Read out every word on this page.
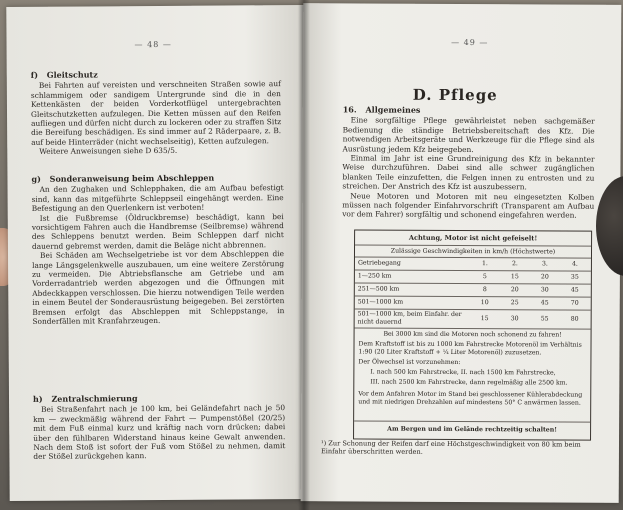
— 48 —
f) Gleitschutz

Bei Fahrten auf vereisten und verschneiten Straßen sowie auf schlammigem oder sandigem Untergrunde sind die in den Kettenkästen der beiden Vorderkotflügel untergebrachten Gleitschutzketten aufzulegen. Die Ketten müssen auf den Reifen aufliegen und dürfen nicht durch zu lockeren oder zu straffen Sitz die Bereifung beschädigen. Es sind immer auf 2 Räderpaare, z. B. auf beide Hinterräder (nicht wechselseitig), Ketten aufzulegen.

Weitere Anweisungen siehe D 635/5.

g) Sonderanweisung beim Abschleppen

An den Zughaken und Schlepphaken, die am Aufbau befestigt sind, kann das mitgeführte Schleppseil eingehängt werden. Eine Befestigung an den Querlenkern ist verboten!

Ist die Fußbremse (Öldruckbremse) beschädigt, kann bei vorsichtigem Fahren auch die Handbremse (Seilbremse) während des Schleppens benutzt werden. Beim Schleppen darf nicht dauernd gebremst werden, damit die Beläge nicht abbrennen.

Bei Schäden am Wechselgetriebe ist vor dem Abschleppen die lange Längsgelenkwelle auszubauen, um eine weitere Zerstörung zu vermeiden. Die Abtriebsflansche am Getriebe und am Vorderradantrieb werden abgezogen und die Öffnungen mit Abdeckkappen verschlossen. Die hierzu notwendigen Teile werden in einem Beutel der Sonderausrüstung beigegeben. Bei zerstörten Bremsen erfolgt das Abschleppen mit Schleppstange, in Sonderfällen mit Kranfahrzeugen.

h) Zentralschmierung

Bei Straßenfahrt nach je 100 km, bei Geländefahrt nach je 50 km — zweckmäßig während der Fahrt — Pumpenstößel (20/25) mit dem Fuß einmal kurz und kräftig nach vorn drücken; dabei über den fühlbaren Widerstand hinaus keine Gewalt anwenden. Nach dem Stoß ist sofort der Fuß vom Stößel zu nehmen, damit der Stößel zurückgehen kann.

— 49 —
D. Pflege
16. Allgemeines

Eine sorgfältige Pflege gewährleistet neben sachgemäßer Bedienung die ständige Betriebsbereitschaft des Kfz. Die notwendigen Arbeitsgeräte und Werkzeuge für die Pflege sind als Ausrüstung jedem Kfz beigegeben.

Einmal im Jahr ist eine Grundreinigung des Kfz in bekannter Weise durchzuführen. Dabei sind alle schwer zugänglichen blanken Teile einzufetten, die Felgen innen zu entrosten und zu streichen. Der Anstrich des Kfz ist auszubessern.

Neue Motoren und Motoren mit neu eingesetzten Kolben müssen nach folgender Einfahrvorschrift (Transparent am Aufbau vor dem Fahrer) sorgfältig und schonend eingefahren werden.

Achtung, Motor ist nicht gefeiselt!
Zulässige Geschwindigkeiten in km/h (Höchstwerte)
Getriebegang	1.	2.	3.	4.
1—250 km	5	15	20	35
251—500 km	8	20	30	45
501—1000 km	10	25	45	70
501—1000 km, beim Einfahr. der nicht dauernd	15	30	55	80
Bei 3000 km sind die Motoren noch schonend zu fahren!
Dem Kraftstoff ist bis zu 1000 km Fahrstrecke Motorenöl im Verhältnis 1:90 (20 Liter Kraftstoff + ¼ Liter Motorenöl) zuzusetzen.
Der Ölwechsel ist vorzunehmen:
I. nach 500 km Fahrstrecke, II. nach 1500 km Fahrstrecke,
III. nach 2500 km Fahrstrecke, dann regelmäßig alle 2500 km.
Vor dem Anfahren Motor im Stand bei geschlossener Kühlerabdeckung und mit niedrigen Drehzahlen auf mindestens 50° C anwärmen lassen.
Am Bergen und im Gelände rechtzeitig schalten!
¹) Zur Schonung der Reifen darf eine Höchstgeschwindigkeit von 80 km beim Einfahr überschritten werden.
